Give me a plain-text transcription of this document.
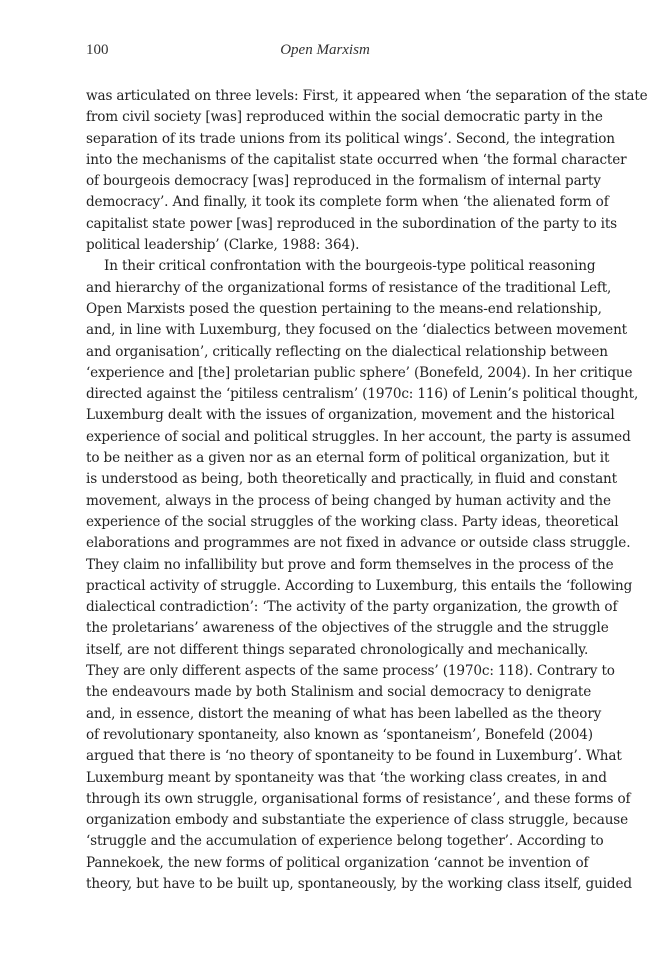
100	Open Marxism
was articulated on three levels: First, it appeared when ‘the separation of the state
from civil society [was] reproduced within the social democratic party in the
separation of its trade unions from its political wings’. Second, the integration
into the mechanisms of the capitalist state occurred when ‘the formal character
of bourgeois democracy [was] reproduced in the formalism of internal party
democracy’. And finally, it took its complete form when ‘the alienated form of
capitalist state power [was] reproduced in the subordination of the party to its
political leadership’ (Clarke, 1988: 364).
In their critical confrontation with the bourgeois-type political reasoning
and hierarchy of the organizational forms of resistance of the traditional Left,
Open Marxists posed the question pertaining to the means-end relationship,
and, in line with Luxemburg, they focused on the ‘dialectics between movement
and organisation’, critically reflecting on the dialectical relationship between
‘experience and [the] proletarian public sphere’ (Bonefeld, 2004). In her critique
directed against the ‘pitiless centralism’ (1970c: 116) of Lenin’s political thought,
Luxemburg dealt with the issues of organization, movement and the historical
experience of social and political struggles. In her account, the party is assumed
to be neither as a given nor as an eternal form of political organization, but it
is understood as being, both theoretically and practically, in fluid and constant
movement, always in the process of being changed by human activity and the
experience of the social struggles of the working class. Party ideas, theoretical
elaborations and programmes are not fixed in advance or outside class struggle.
They claim no infallibility but prove and form themselves in the process of the
practical activity of struggle. According to Luxemburg, this entails the ‘following
dialectical contradiction’: ‘The activity of the party organization, the growth of
the proletarians’ awareness of the objectives of the struggle and the struggle
itself, are not different things separated chronologically and mechanically.
They are only different aspects of the same process’ (1970c: 118). Contrary to
the endeavours made by both Stalinism and social democracy to denigrate
and, in essence, distort the meaning of what has been labelled as the theory
of revolutionary spontaneity, also known as ‘spontaneism’, Bonefeld (2004)
argued that there is ‘no theory of spontaneity to be found in Luxemburg’. What
Luxemburg meant by spontaneity was that ‘the working class creates, in and
through its own struggle, organisational forms of resistance’, and these forms of
organization embody and substantiate the experience of class struggle, because
‘struggle and the accumulation of experience belong together’. According to
Pannekoek, the new forms of political organization ‘cannot be invention of
theory, but have to be built up, spontaneously, by the working class itself, guided
